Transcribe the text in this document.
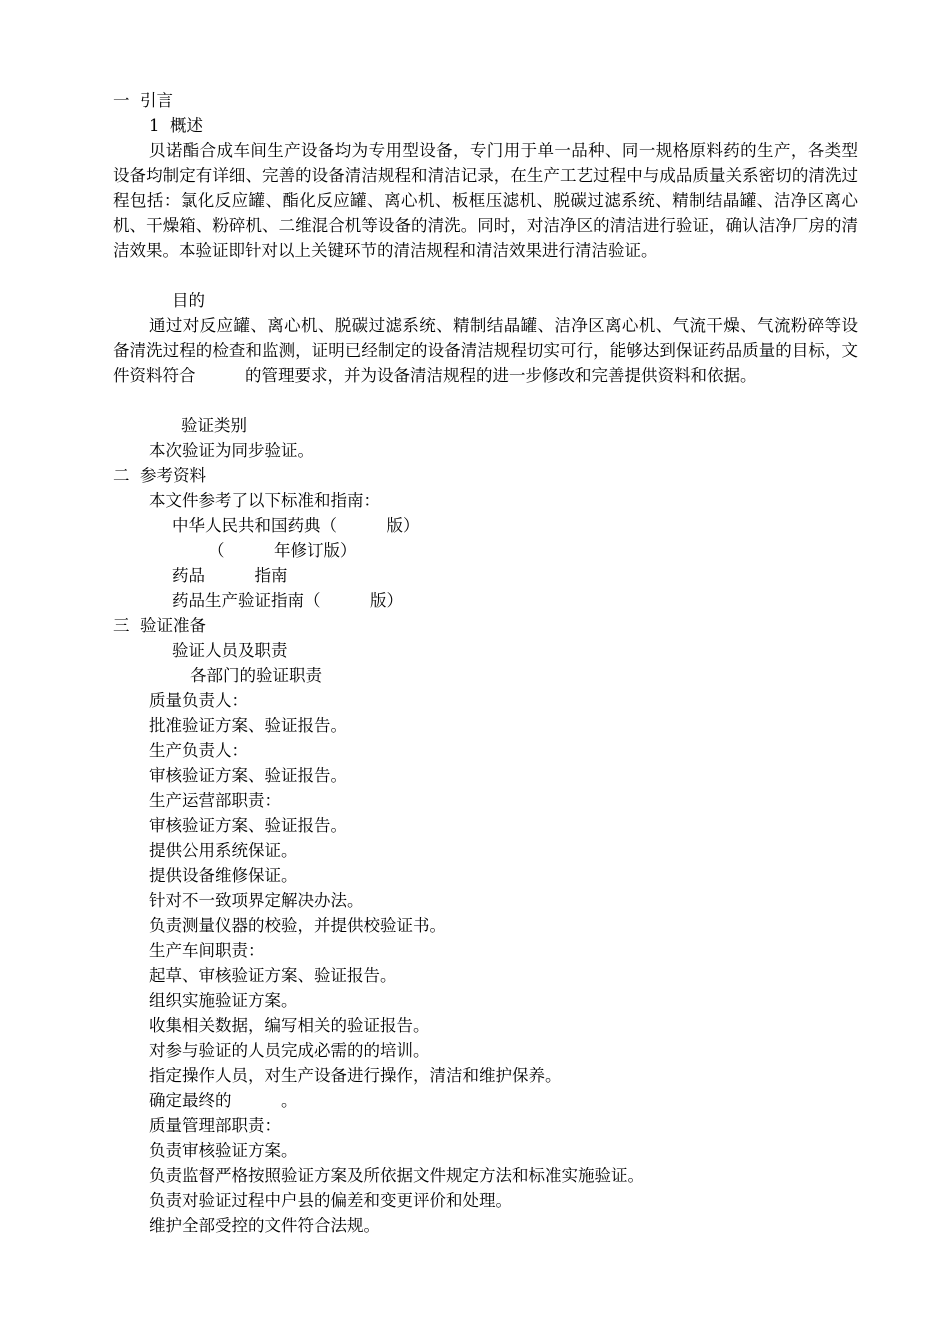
一  引言
1  概述
贝诺酯合成车间生产设备均为专用型设备，专门用于单一品种、同一规格原料药的生产，各类型设备均制定有详细、完善的设备清洁规程和清洁记录，在生产工艺过程中与成品质量关系密切的清洗过程包括：氯化反应罐、酯化反应罐、离心机、板框压滤机、脱碳过滤系统、精制结晶罐、洁净区离心机、干燥箱、粉碎机、二维混合机等设备的清洗。同时，对洁净区的清洁进行验证，确认洁净厂房的清洁效果。本验证即针对以上关键环节的清洁规程和清洁效果进行清洁验证。
目的
通过对反应罐、离心机、脱碳过滤系统、精制结晶罐、洁净区离心机、气流干燥、气流粉碎等设备清洗过程的检查和监测，证明已经制定的设备清洁规程切实可行，能够达到保证药品质量的目标，文件资料符合　　　的管理要求，并为设备清洁规程的进一步修改和完善提供资料和依据。
验证类别
本次验证为同步验证。
二  参考资料
本文件参考了以下标准和指南：
中华人民共和国药典（　　　版）
（　　　年修订版）
药品　　　指南
药品生产验证指南（　　　版）
三  验证准备
验证人员及职责
各部门的验证职责
质量负责人：
批准验证方案、验证报告。
生产负责人：
审核验证方案、验证报告。
生产运营部职责：
审核验证方案、验证报告。
提供公用系统保证。
提供设备维修保证。
针对不一致项界定解决办法。
负责测量仪器的校验，并提供校验证书。
生产车间职责：
起草、审核验证方案、验证报告。
组织实施验证方案。
收集相关数据，编写相关的验证报告。
对参与验证的人员完成必需的的培训。
指定操作人员，对生产设备进行操作，清洁和维护保养。
确定最终的　　　。
质量管理部职责：
负责审核验证方案。
负责监督严格按照验证方案及所依据文件规定方法和标准实施验证。
负责对验证过程中户县的偏差和变更评价和处理。
维护全部受控的文件符合法规。
